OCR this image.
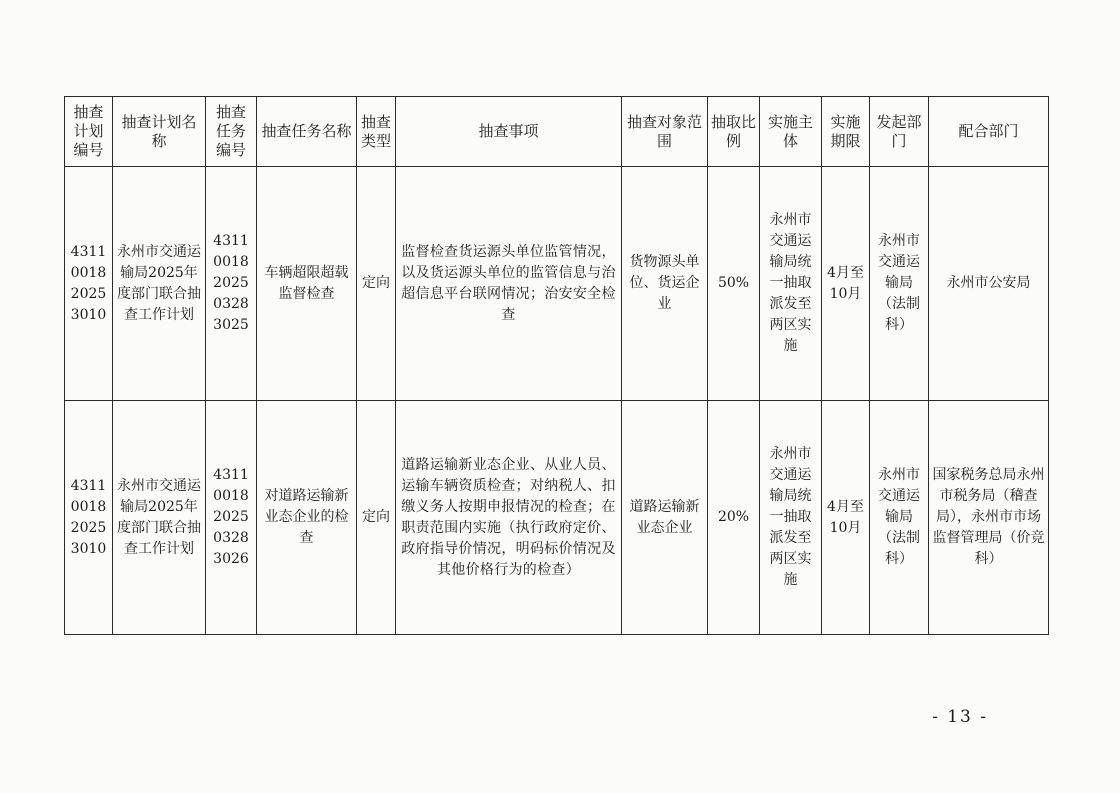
抽查计划编号	抽查计划名称	抽查任务编号	抽查任务名称	抽查类型	抽查事项	抽查对象范围	抽取比例	实施主体	实施期限	发起部门	配合部门
431100182025301​0	永州市交通运输局2025年度部门联合抽查工作计划	4311001820250328​3025	车辆超限超载监督检查	定向	监督检查货运源头单位监管情况，以及货运源头单位的监管信息与治超信息平台联网情况；治安安全检查	货物源头单位、货运企业	50%	永州市交通运输局统一抽取派发至两区实施	4月至10月	永州市交通运输局（法制科）	永州市公安局
431100182025301​0	永州市交通运输局2025年度部门联合抽查工作计划	4311001820250328​3026	对道路运输新业态企业的检查	定向	道路运输新业态企业、从业人员、运输车辆资质检查；对纳税人、扣缴义务人按期申报情况的检查；在职责范围内实施（执行政府定价、政府指导价情况，明码标价情况及其他价格行为的检查）	道路运输新业态企业	20%	永州市交通运输局统一抽取派发至两区实施	4月至10月	永州市交通运输局（法制科）	国家税务总局永州市税务局（稽查局），永州市市场监督管理局（价竞科）
- 13 -
